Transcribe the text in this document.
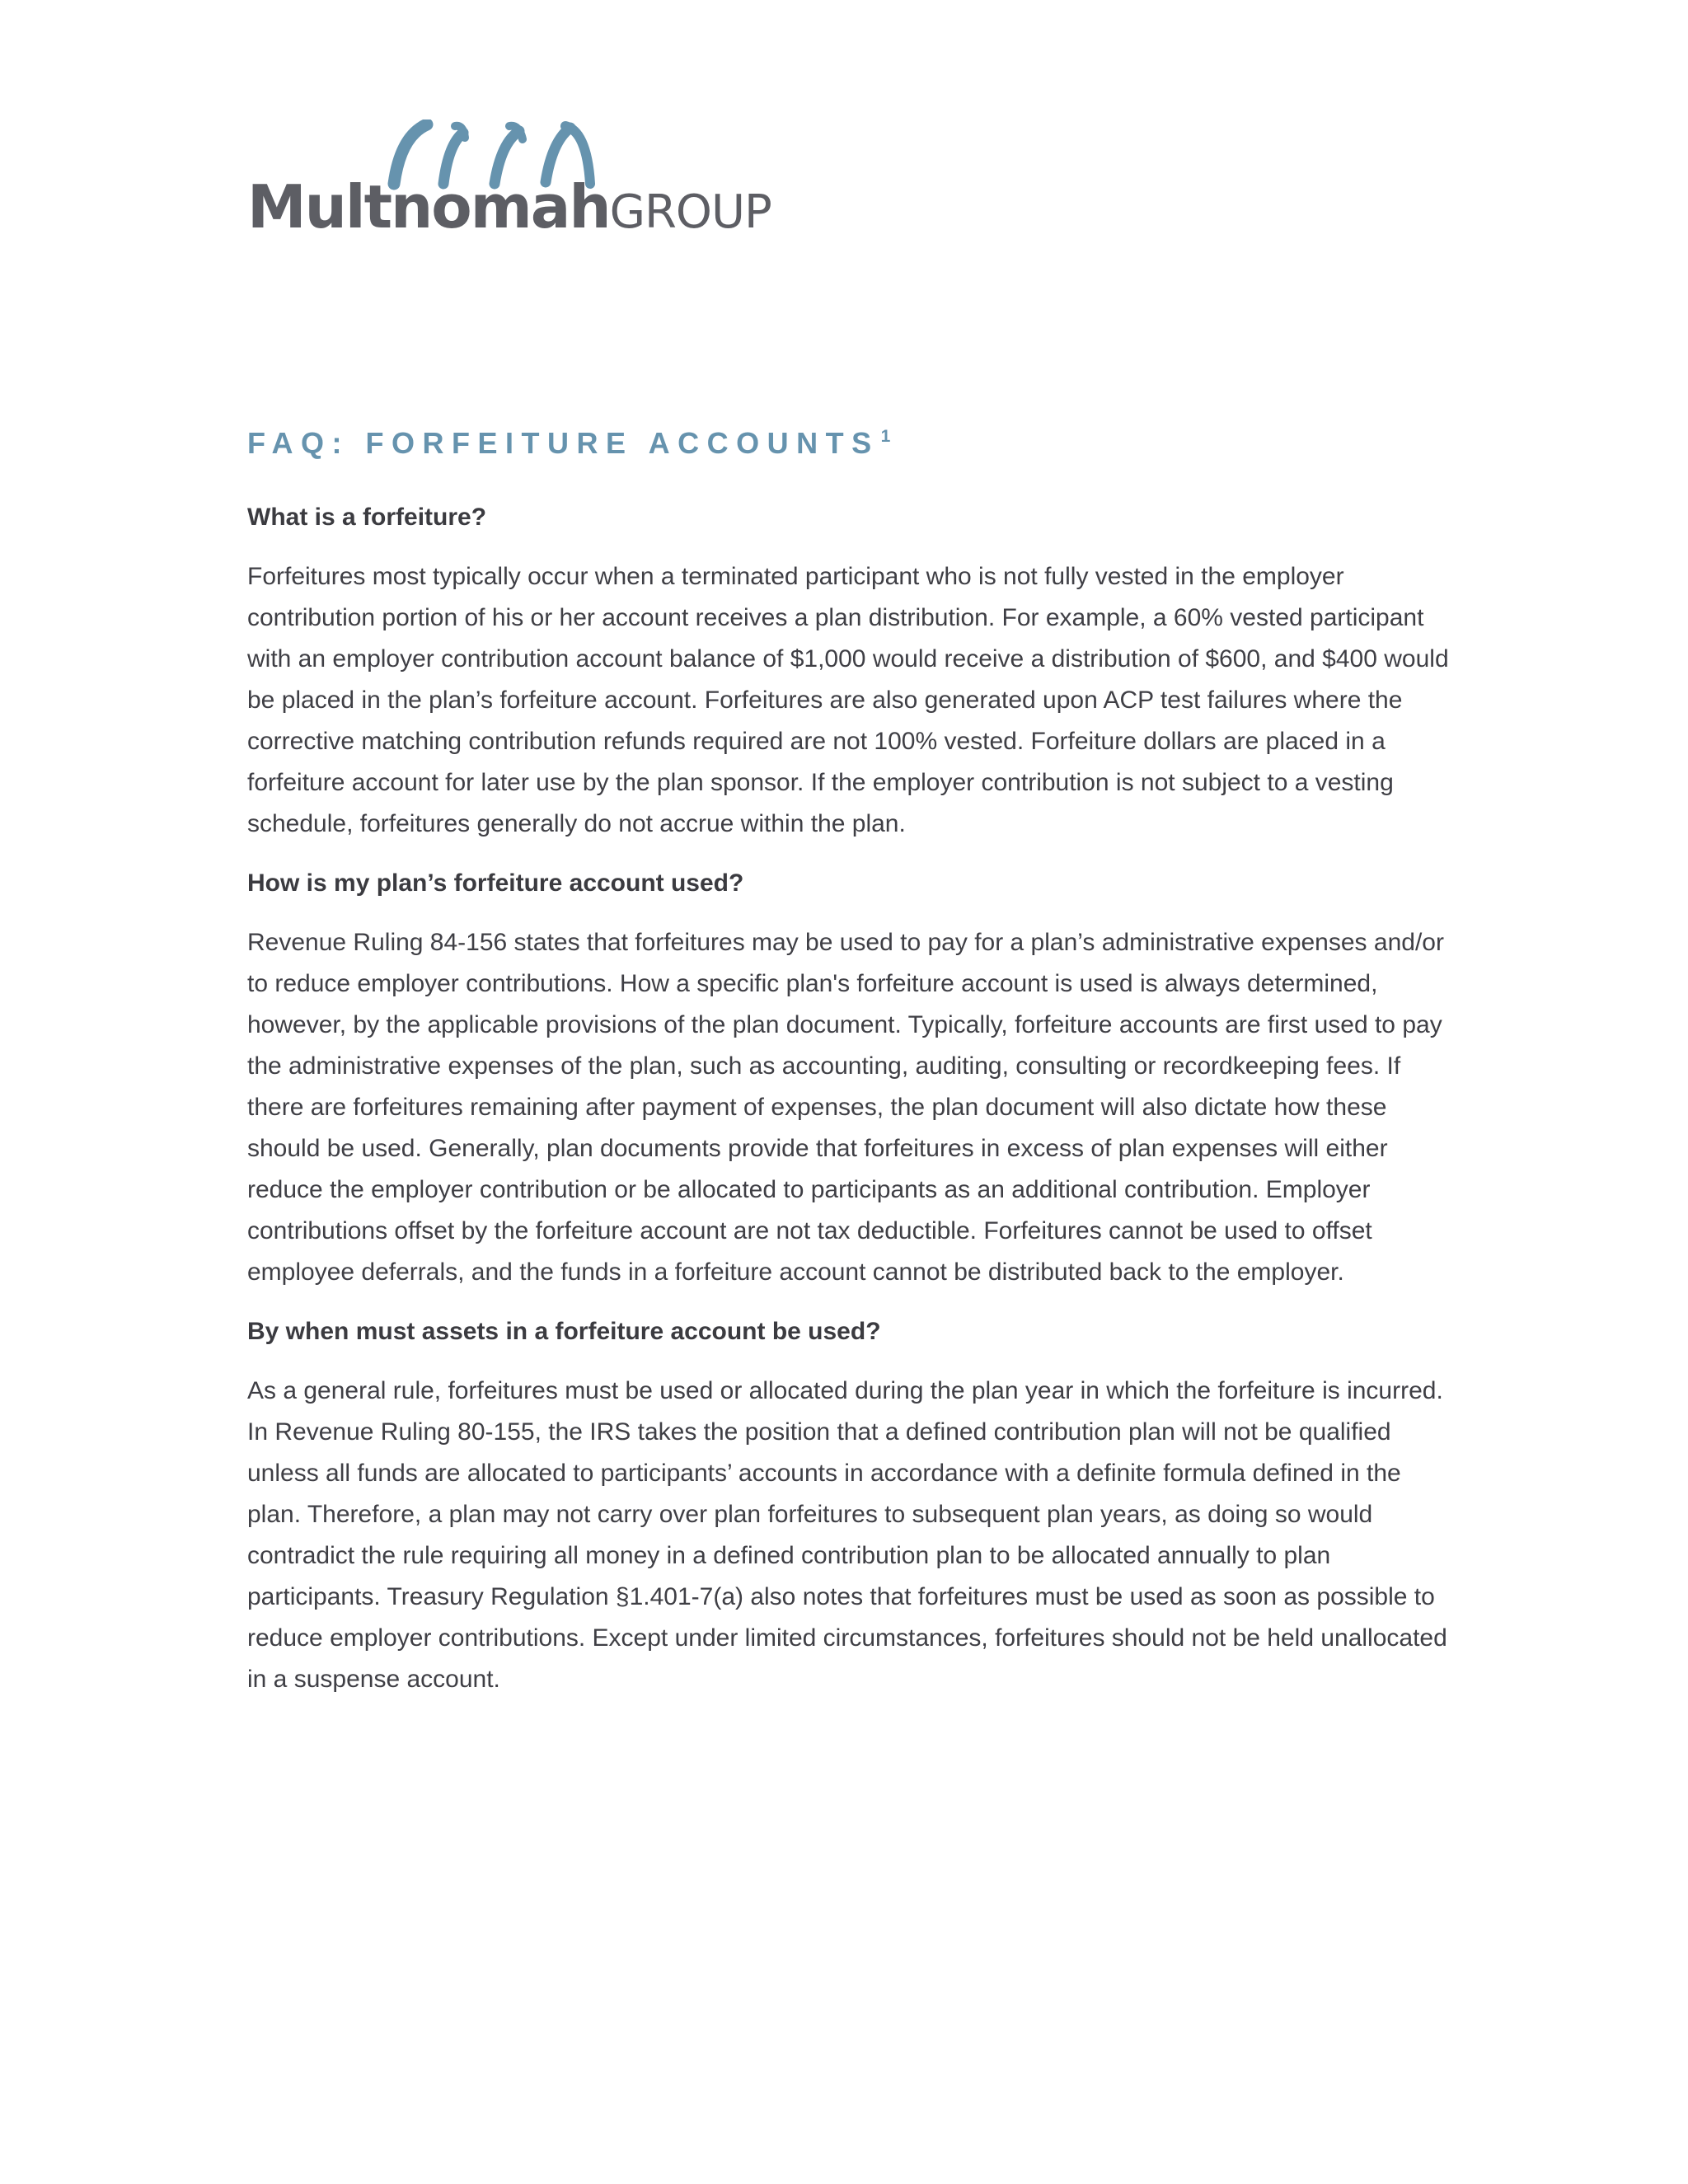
MultnomahGROUP
FAQ: FORFEITURE ACCOUNTS$^1$

What is a forfeiture?

Forfeitures most typically occur when a terminated participant who is not fully vested in the employer contribution portion of his or her account receives a plan distribution. For example, a 60% vested participant with an employer contribution account balance of $1,000 would receive a distribution of $600, and $400 would be placed in the plan’s forfeiture account. Forfeitures are also generated upon ACP test failures where the corrective matching contribution refunds required are not 100% vested. Forfeiture dollars are placed in a forfeiture account for later use by the plan sponsor. If the employer contribution is not subject to a vesting schedule, forfeitures generally do not accrue within the plan.

How is my plan’s forfeiture account used?

Revenue Ruling 84-156 states that forfeitures may be used to pay for a plan’s administrative expenses and/or to reduce employer contributions. How a specific plan's forfeiture account is used is always determined, however, by the applicable provisions of the plan document. Typically, forfeiture accounts are first used to pay the administrative expenses of the plan, such as accounting, auditing, consulting or recordkeeping fees. If there are forfeitures remaining after payment of expenses, the plan document will also dictate how these should be used. Generally, plan documents provide that forfeitures in excess of plan expenses will either reduce the employer contribution or be allocated to participants as an additional contribution. Employer contributions offset by the forfeiture account are not tax deductible. Forfeitures cannot be used to offset employee deferrals, and the funds in a forfeiture account cannot be distributed back to the employer.

By when must assets in a forfeiture account be used?

As a general rule, forfeitures must be used or allocated during the plan year in which the forfeiture is incurred. In Revenue Ruling 80-155, the IRS takes the position that a defined contribution plan will not be qualified unless all funds are allocated to participants’ accounts in accordance with a definite formula defined in the plan. Therefore, a plan may not carry over plan forfeitures to subsequent plan years, as doing so would contradict the rule requiring all money in a defined contribution plan to be allocated annually to plan participants. Treasury Regulation §1.401-7(a) also notes that forfeitures must be used as soon as possible to reduce employer contributions. Except under limited circumstances, forfeitures should not be held unallocated in a suspense account.
